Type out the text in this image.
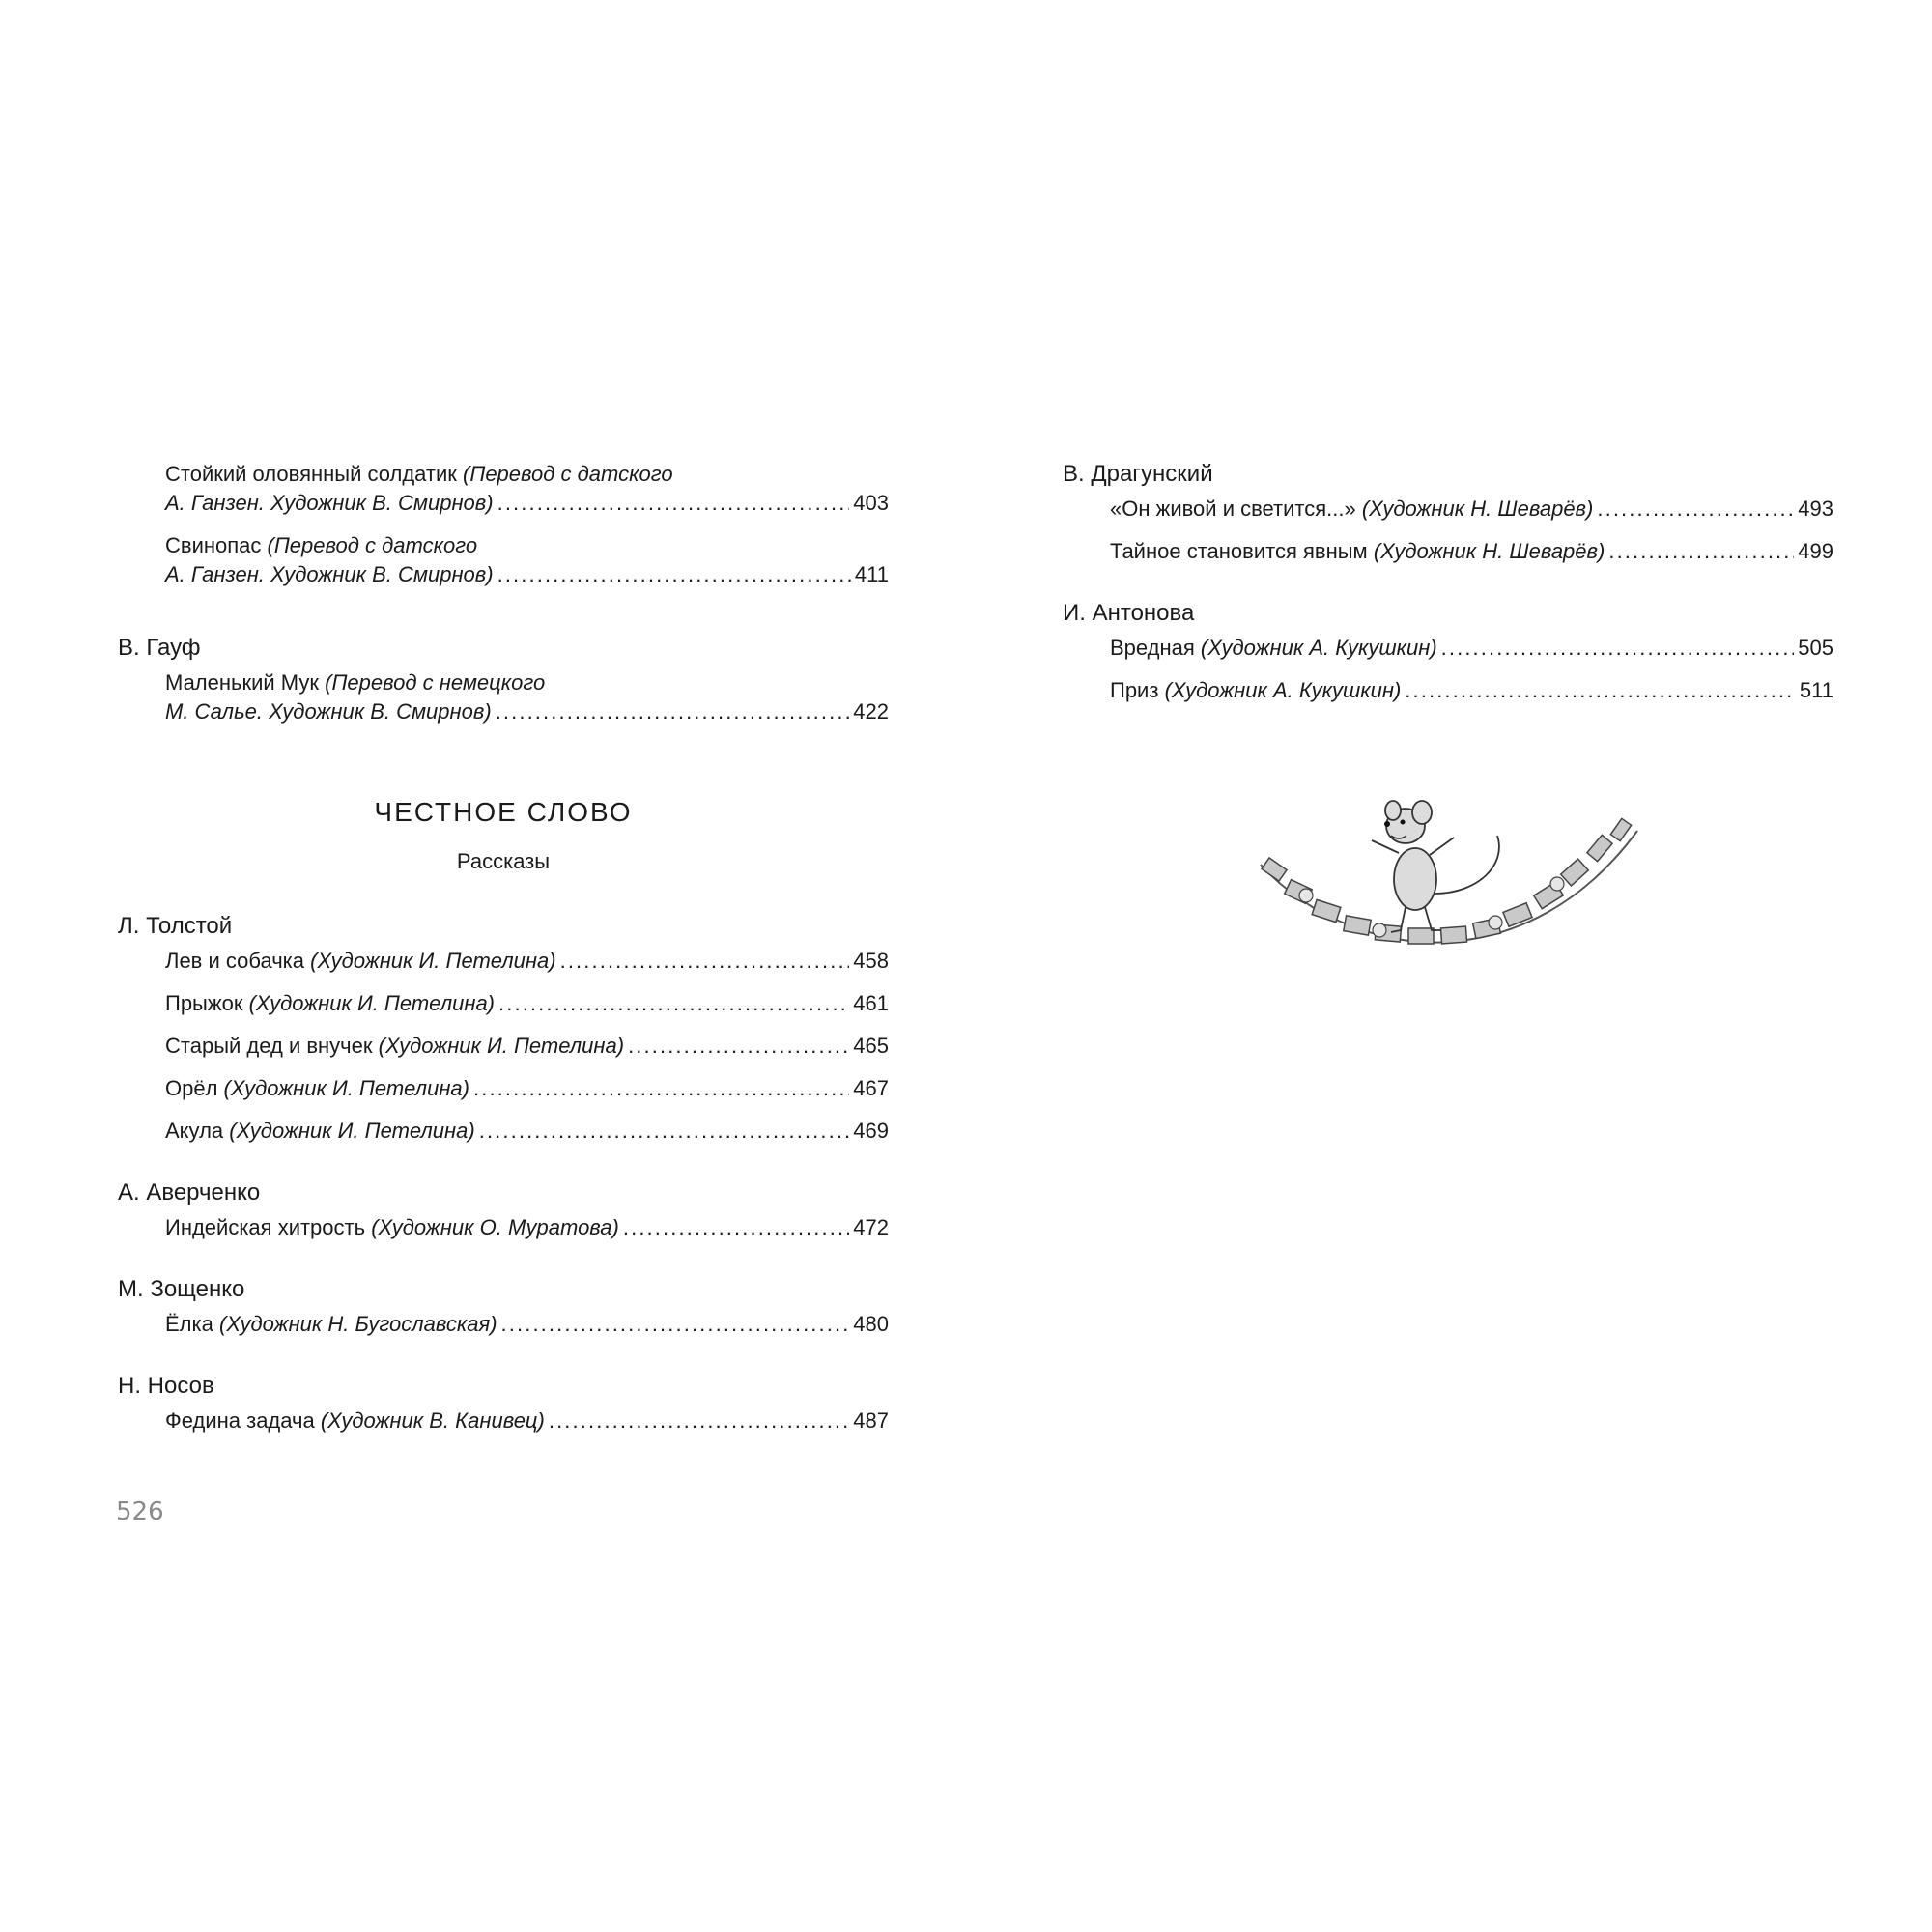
Стойкий оловянный солдатик (Перевод с датского
А. Ганзен. Художник В. Смирнов) . . .	403
Свинопас (Перевод с датского
А. Ганзен. Художник В. Смирнов) . . .	411
В. Гауф
Маленький Мук (Перевод с немецкого
М. Салье. Художник В. Смирнов) . . .	422
ЧЕСТНОЕ СЛОВО
Рассказы
Л. Толстой
Лев и собачка
(Художник И. Петелина) . . .	458
Прыжок
(Художник И. Петелина) . . .	461
Старый дед и внучек
(Художник И. Петелина) . . .	465
Орёл
(Художник И. Петелина) . . .	467
Акула
(Художник И. Петелина) . . .	469
А. Аверченко
Индейская хитрость
(Художник О. Муратова) . . .	472
М. Зощенко
Ёлка
(Художник Н. Бугославская) . . .	480
Н. Носов
Федина задача
(Художник В. Канивец) . . .	487
В. Драгунский
«Он живой и светится...»
(Художник Н. Шеварёв) . . .	493
Тайное становится явным
(Художник Н. Шеварёв) . . .	499
И. Антонова
Вредная
(Художник А. Кукушкин) . . .	505
Приз
(Художник А. Кукушкин) . . .	511
526
